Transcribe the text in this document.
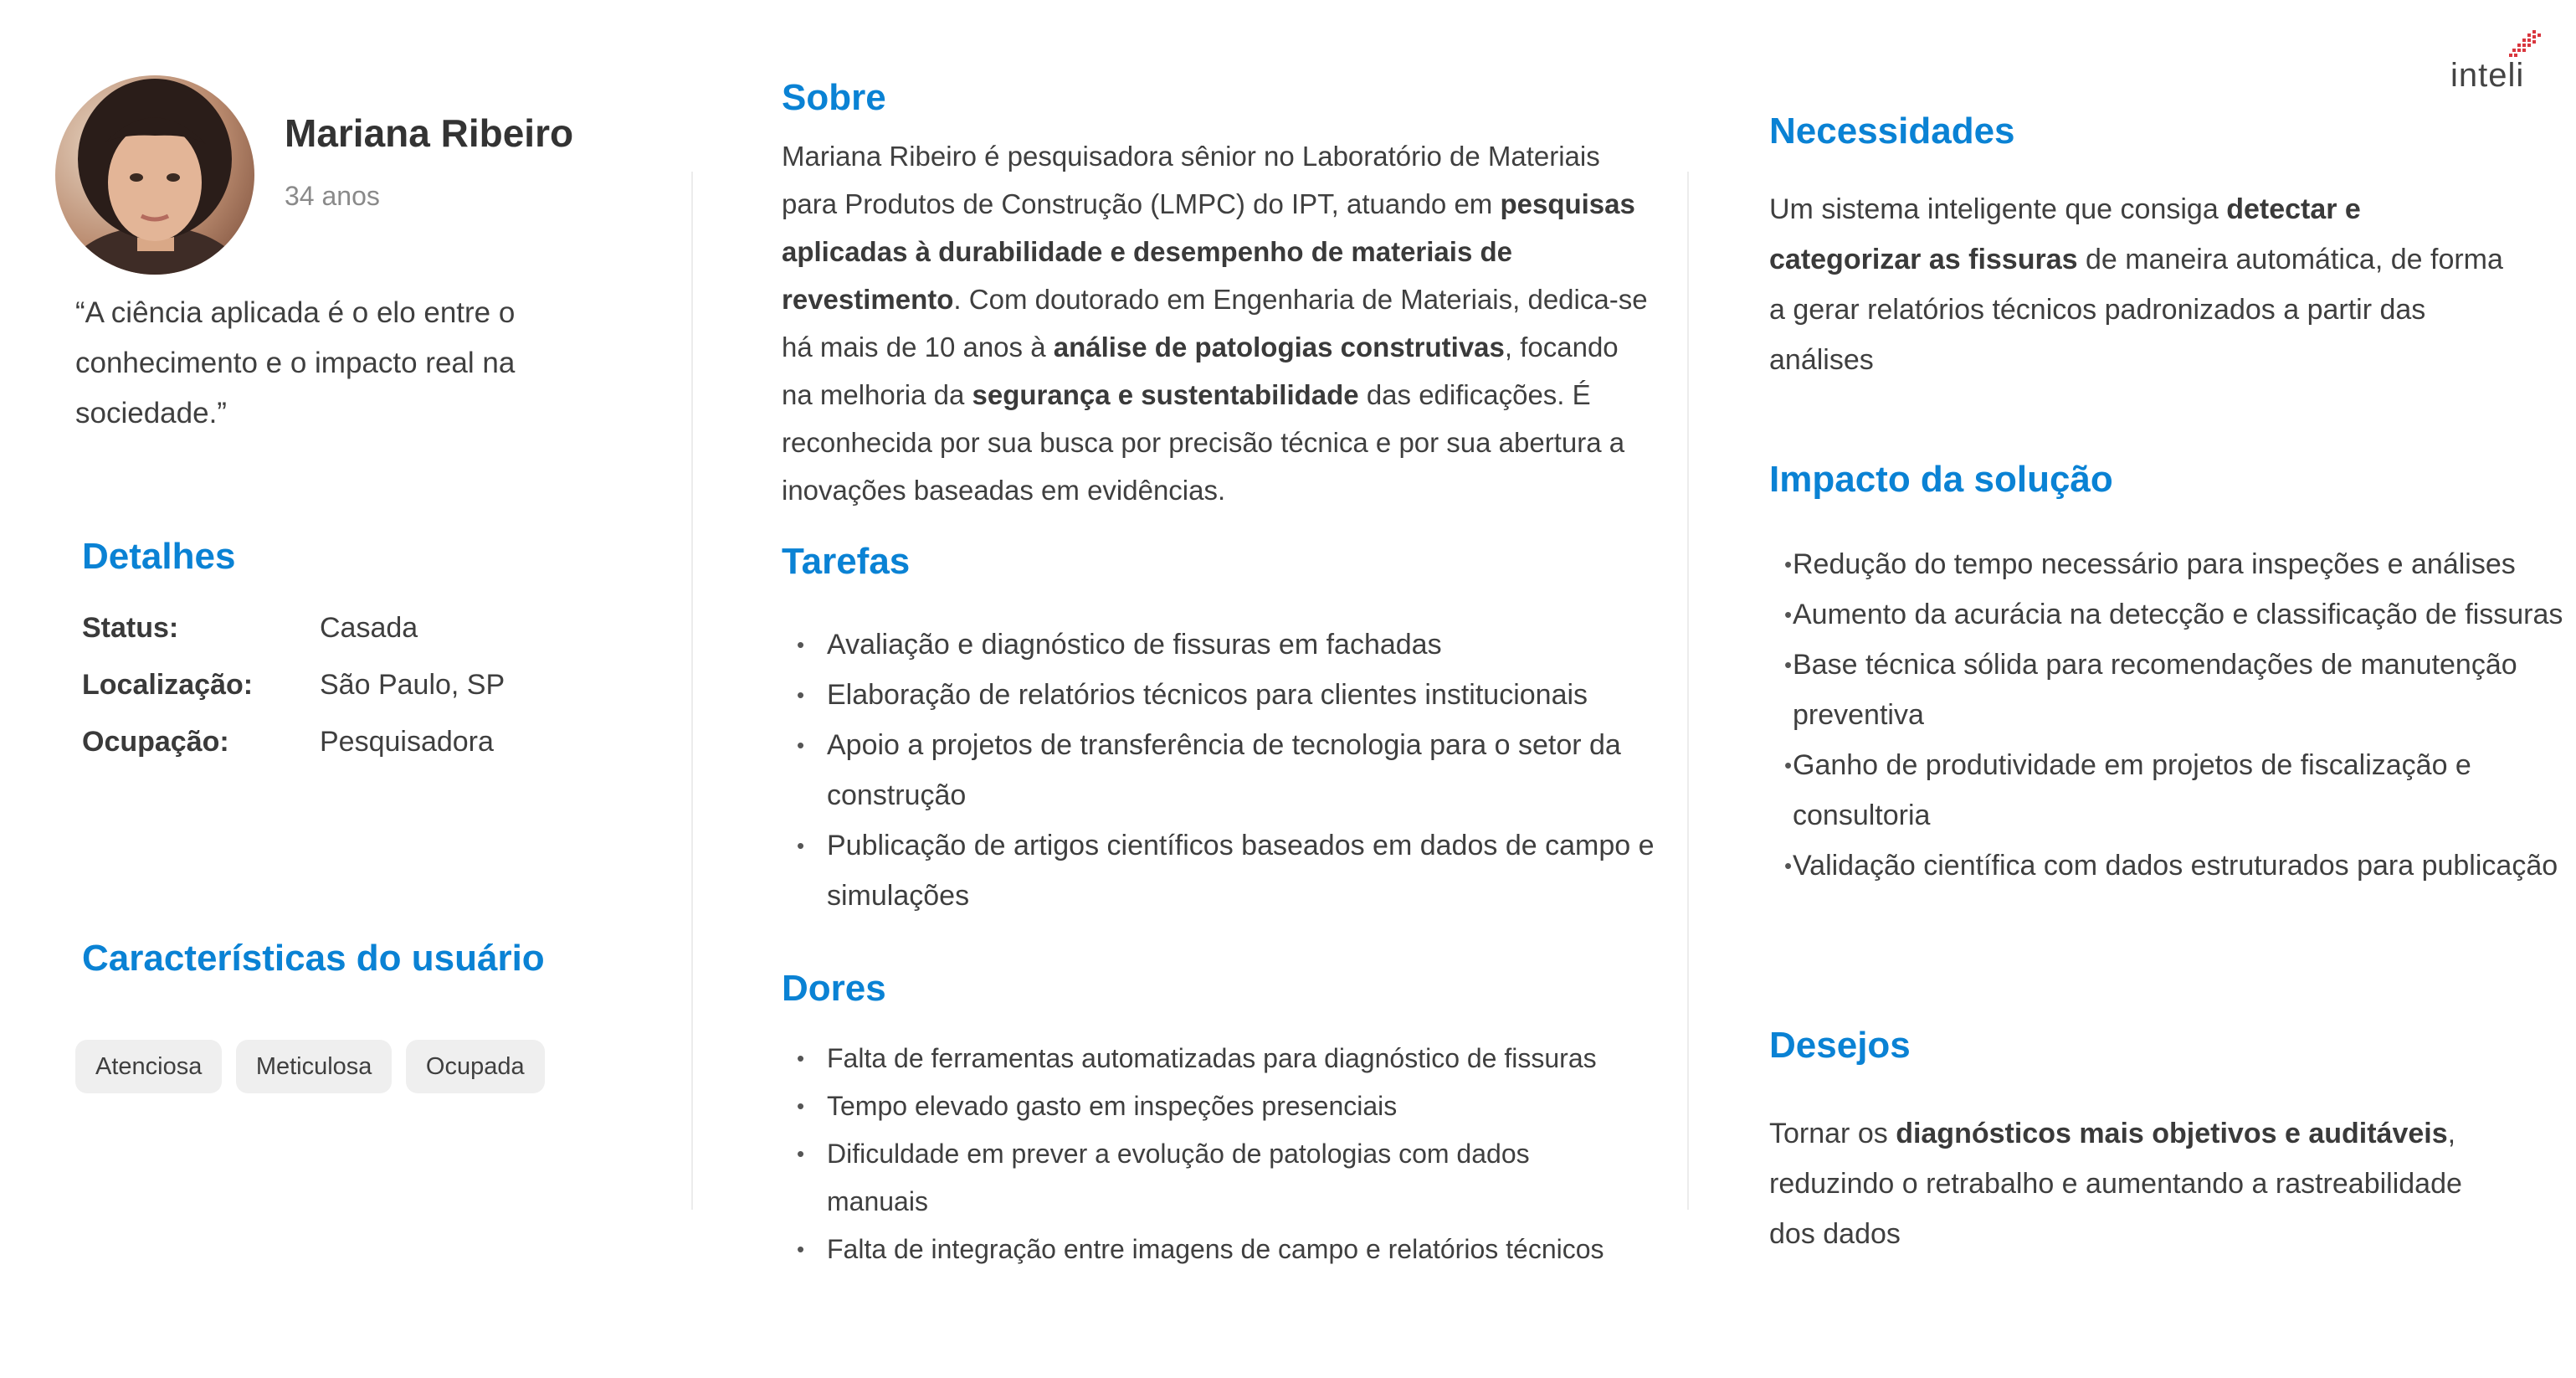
inteli
Mariana Ribeiro
34 anos
“A ciência aplicada é o elo entre o conhecimento e o impacto real na sociedade.”
Detalhes
Status:	Casada
Localização:	São Paulo, SP
Ocupação:	Pesquisadora
Características do usuário
Atenciosa Meticulosa Ocupada
Sobre

Mariana Ribeiro é pesquisadora sênior no Laboratório de Materiais para Produtos de Construção (LMPC) do IPT, atuando em pesquisas aplicadas à durabilidade e desempenho de materiais de revestimento. Com doutorado em Engenharia de Materiais, dedica-se há mais de 10 anos à análise de patologias construtivas, focando na melhoria da segurança e sustentabilidade das edificações. É reconhecida por sua busca por precisão técnica e por sua abertura a inovações baseadas em evidências.

Tarefas
• Avaliação e diagnóstico de fissuras em fachadas
• Elaboração de relatórios técnicos para clientes institucionais
• Apoio a projetos de transferência de tecnologia para o setor da construção
• Publicação de artigos científicos baseados em dados de campo e simulações
Dores
• Falta de ferramentas automatizadas para diagnóstico de fissuras
• Tempo elevado gasto em inspeções presenciais
• Dificuldade em prever a evolução de patologias com dados manuais
• Falta de integração entre imagens de campo e relatórios técnicos
Necessidades

Um sistema inteligente que consiga detectar e categorizar as fissuras de maneira automática, de forma a gerar relatórios técnicos padronizados a partir das análises

Impacto da solução
• Redução do tempo necessário para inspeções e análises
• Aumento da acurácia na detecção e classificação de fissuras
• Base técnica sólida para recomendações de manutenção preventiva
• Ganho de produtividade em projetos de fiscalização e consultoria
• Validação científica com dados estruturados para publicação
Desejos

Tornar os diagnósticos mais objetivos e auditáveis, reduzindo o retrabalho e aumentando a rastreabilidade dos dados
